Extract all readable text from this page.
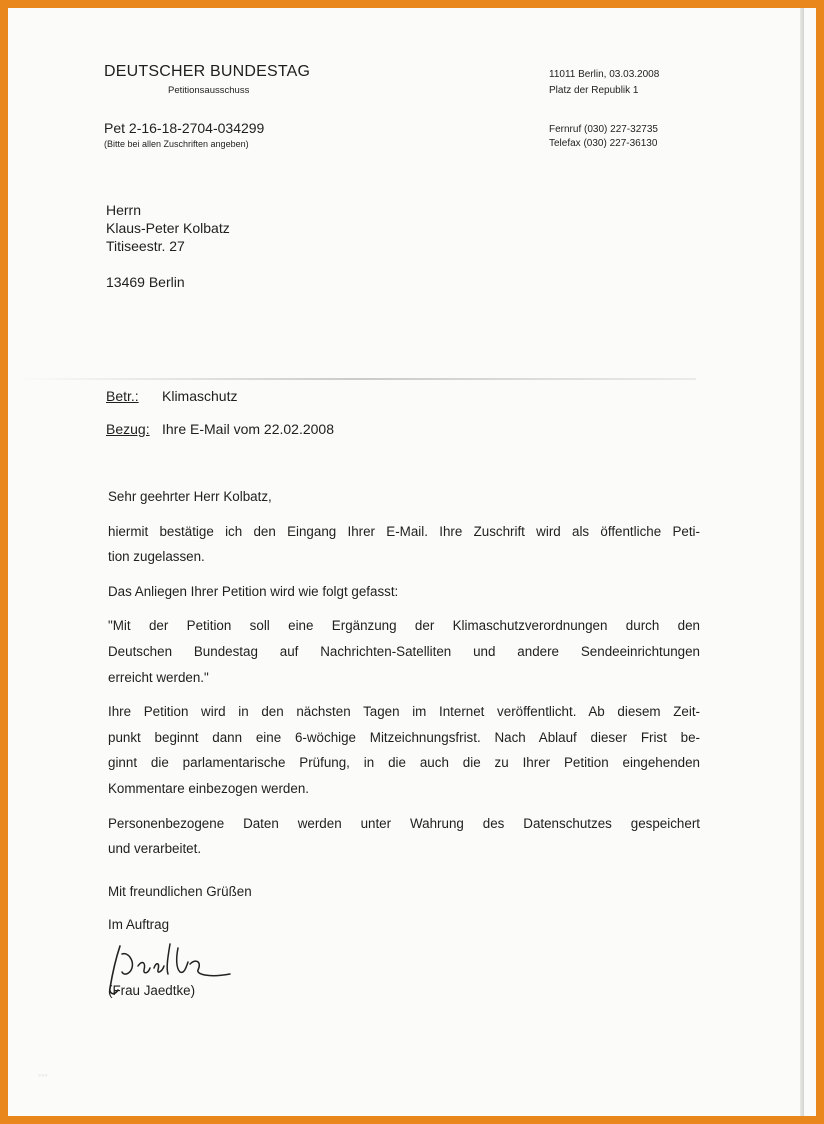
DEUTSCHER BUNDESTAG
Petitionsausschuss
Pet 2-16-18-2704-034299
(Bitte bei allen Zuschriften angeben)
11011 Berlin, 03.03.2008
Platz der Republik 1
Fernruf (030) 227-32735
Telefax (030) 227-36130
Herrn
Klaus-Peter Kolbatz
Titiseestr. 27
13469 Berlin
Betr.: Klimaschutz
Bezug: Ihre E-Mail vom 22.02.2008

Sehr geehrter Herr Kolbatz,

hiermit bestätige ich den Eingang Ihrer E-Mail. Ihre Zuschrift wird als öffentliche Peti-
tion zugelassen.

Das Anliegen Ihrer Petition wird wie folgt gefasst:

"Mit der Petition soll eine Ergänzung der Klimaschutzverordnungen durch den
Deutschen Bundestag auf Nachrichten-Satelliten und andere Sendeeinrichtungen
erreicht werden."

Ihre Petition wird in den nächsten Tagen im Internet veröffentlicht. Ab diesem Zeit-
punkt beginnt dann eine 6-wöchige Mitzeichnungsfrist. Nach Ablauf dieser Frist be-
ginnt die parlamentarische Prüfung, in die auch die zu Ihrer Petition eingehenden
Kommentare einbezogen werden.

Personenbezogene Daten werden unter Wahrung des Datenschutzes gespeichert
und verarbeitet.

Mit freundlichen Grüßen
Im Auftrag
(Frau Jaedtke)
◦◦◦
